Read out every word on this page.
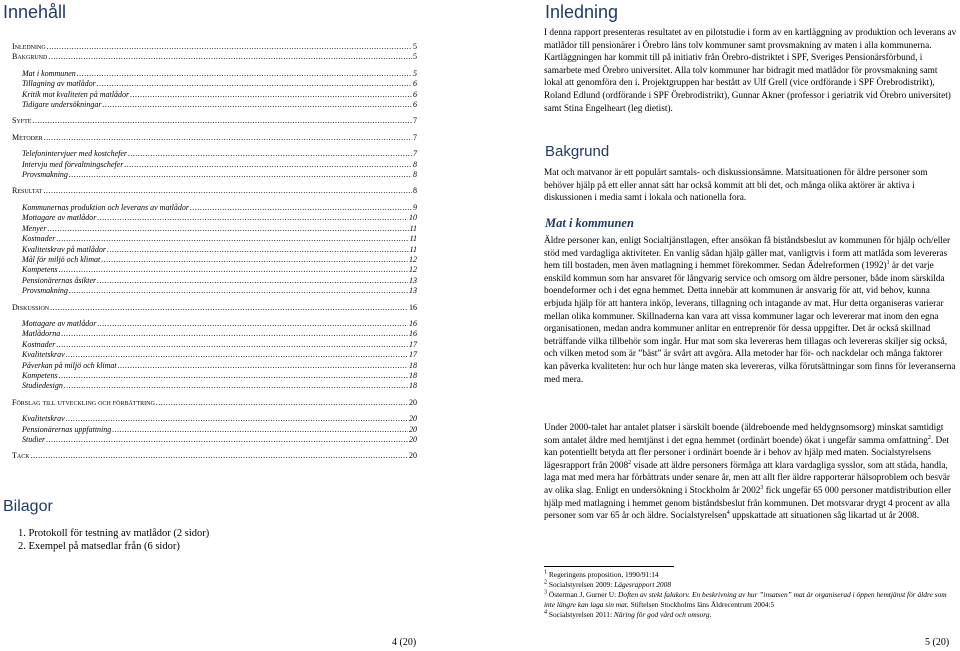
Innehåll
Inledning .....	5
Bakgrund .....	5
Mat i kommunen .....	5
Tillagning av matlådor .....	6
Kritik mot kvaliteten på matlådor .....	6
Tidigare undersökningar .....	6
Syfte .....	7
Metoder .....	7
Telefonintervjuer med kostchefer .....	7
Intervju med förvaltningschefer .....	8
Provsmakning .....	8
Resultat .....	8
Kommunernas produktion och leverans av matlådor .....	9
Mottagare av matlådor .....	10
Menyer .....	11
Kostnader .....	11
Kvalitetskrav på matlådor .....	11
Mål för miljö och klimat .....	12
Kompetens .....	12
Pensionärernas åsikter .....	13
Provsmakning .....	13
Diskussion .....	16
Mottagare av matlådor .....	16
Matlådorna .....	16
Kostnader .....	17
Kvalitetskrav .....	17
Påverkan på miljö och klimat .....	18
Kompetens .....	18
Studiedesign .....	18
Förslag till utveckling och förbättring .....	20
Kvalitetskrav .....	20
Pensionärernas uppfattning .....	20
Studier .....	20
Tack .....	20
Bilagor
1. Protokoll för testning av matlådor (2 sidor)
2. Exempel på matsedlar från (6 sidor)
4 (20)
Inledning
I denna rapport presenteras resultatet av en pilotstudie i form av en kartläggning av produktion och leverans av matlådor till pensionärer i Örebro läns tolv kommuner samt provsmakning av maten i alla kommunerna. Kartläggningen har kommit till på initiativ från Örebro-distriktet i SPF, Sveriges Pensionärsförbund, i samarbete med Örebro universitet. Alla tolv kommuner har bidragit med matlådor för provsmakning samt lokal att genomföra den i. Projektgruppen har bestått av Ulf Grell (vice ordförande i SPF Örebrodistrikt), Roland Edlund (ordförande i SPF Örebrodistrikt), Gunnar Akner (professor i geriatrik vid Örebro universitet) samt Stina Engelheart (leg dietist).
Bakgrund
Mat och matvanor är ett populärt samtals- och diskussionsämne. Matsituationen för äldre personer som behöver hjälp på ett eller annat sätt har också kommit att bli det, och många olika aktörer är aktiva i diskussionen i media samt i lokala och nationella fora.
Mat i kommunen
Äldre personer kan, enligt Socialtjänstlagen, efter ansökan få biståndsbeslut av kommunen för hjälp och/eller stöd med vardagliga aktiviteter. En vanlig sådan hjälp gäller mat, vanligtvis i form att matlåda som levereras hem till bostaden, men även matlagning i hemmet förekommer. Sedan Ädelreformen $(1992)^1$ är det varje enskild kommun som har ansvaret för långvarig service och omsorg om äldre personer, både inom särskilda boendeformer och i det egna hemmet. Detta innebär att kommunen är ansvarig för att, vid behov, kunna erbjuda hjälp för att hantera inköp, leverans, tillagning och intagande av mat. Hur detta organiseras varierar mellan olika kommuner. Skillnaderna kan vara att vissa kommuner lagar och levererar mat inom den egna organisationen, medan andra kommuner anlitar en entreprenör för dessa uppgifter. Det är också skillnad beträffande vilka tillbehör som ingår. Hur mat som ska levereras hem tillagas och levereras skiljer sig också, och vilken metod som är ”bäst” är svårt att avgöra. Alla metoder har för- och nackdelar och många faktorer kan påverka kvaliteten: hur och hur länge maten ska levereras, vilka förutsättningar som finns för leveranserna med mera.
Under 2000-talet har antalet platser i särskilt boende (äldreboende med heldygnsomsorg) minskat samtidigt som antalet äldre med hemtjänst i det egna hemmet (ordinärt boende) ökat i ungefär samma omfattning$^2$. Det kan potentiellt betyda att fler personer i ordinärt boende är i behov av hjälp med maten. Socialstyrelsens lägesrapport från 2008$^2$ visade att äldre personers förmåga att klara vardagliga sysslor, som att städa, handla, laga mat med mera har förbättrats under senare år, men att allt fler äldre rapporterar hälsoproblem och besvär av olika slag. Enligt en undersökning i Stockholm år 2002$^3$ fick ungefär 65 000 personer matdistribution eller hjälp med matlagning i hemmet genom biståndsbeslut från kommunen. Det motsvarar drygt 4 procent av alla personer som var 65 år och äldre. Socialstyrelsen$^4$ uppskattade att situationen såg likartad ut år 2008.
$^1$ Regeringens proposition, 1990/91:14
$^2$ Socialstyrelsen 2009: Lägesrapport 2008
$^3$ Österman J, Gurner U: Doften av stekt falukorv. En beskrivning av hur ”insatsen” mat är organiserad i öppen hemtjänst för äldre som inte längre kan laga sin mat. Stiftelsen Stockholms läns Äldrecentrum 2004:5
$^4$ Socialstyrelsen 2011: Näring för god vård och omsorg.
5 (20)
